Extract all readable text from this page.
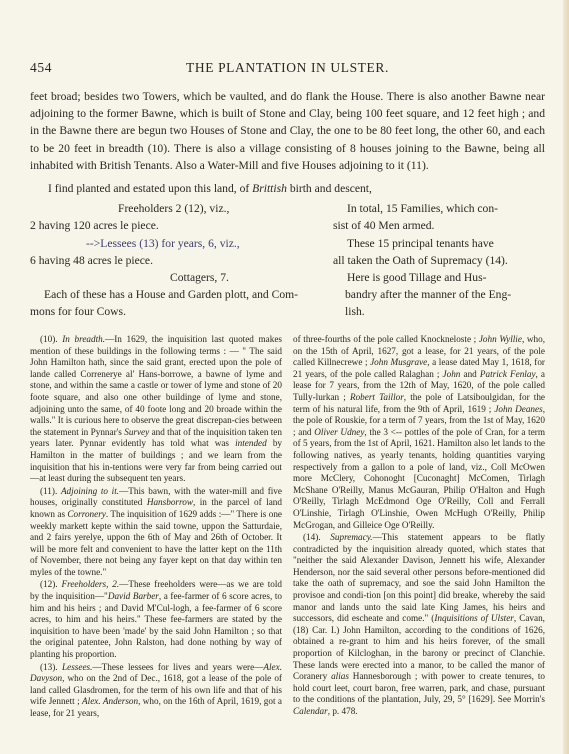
454	THE PLANTATION IN ULSTER.

feet broad; besides two Towers, which be vaulted, and do flank the House. There is also another Bawne near adjoining to the former Bawne, which is built of Stone and Clay, being 100 feet square, and 12 feet high ; and in the Bawne there are begun two Houses of Stone and Clay, the one to be 80 feet long, the other 60, and each to be 20 feet in breadth (10). There is also a village consisting of 8 houses joining to the Bawne, being all inhabited with British Tenants. Also a Water-Mill and five Houses adjoining to it (11).

I find planted and estated upon this land, of Brittish birth and descent,

Freeholders 2 (12), viz.,
2 having 120 acres le piece.
-->Lessees (13) for years, 6, viz.,
6 having 48 acres le piece.
Cottagers, 7.
In total, 15 Families, which con-
sist of 40 Men armed.
These 15 principal tenants have
all taken the Oath of Supremacy (14).
Here is good Tillage and Hus-
Each of these has a House and Garden plott, and Com-
mons for four Cows.
bandry after the manner of the Eng-
lish.

(10). In breadth.—In 1629, the inquisition last quoted makes mention of these buildings in the following terms : — " The said John Hamilton hath, since the said grant, erected upon the pole of lande called Correneryе al' Hans-borrowe, a bawne of lyme and stone, and within the same a castle or tower of lyme and stone of 20 foote square, and also one other buildinge of lyme and stone, adjoining unto the same, of 40 foote long and 20 broade within the walls." It is curious here to observe the great discrepan-cies between the statement in Pynnar's Survey and that of the inquisition taken ten years later. Pynnar evidently has told what was intended by Hamilton in the matter of buildings ; and we learn from the inquisition that his in-tentions were very far from being carried out—at least during the subsequent ten years.

(11). Adjoining to it.—This bawn, with the water-mill and five houses, originally constituted Hansborrow, in the parcel of land known as Corronery. The inquisition of 1629 adds :—" There is one weekly markett kepte within the said towne, uppon the Satturdaie, and 2 fairs yerelye, uppon the 6th of May and 26th of October. It will be more felt and convenient to have the latter kept on the 11th of November, there not being any fayer kept on that day within ten myles of the towne."

(12). Freeholders, 2.—These freeholders were—as we are told by the inquisition—"David Barber, a fee-farmer of 6 score acres, to him and his heirs ; and David M'Cul-logh, a fee-farmer of 6 score acres, to him and his heirs." These fee-farmers are stated by the inquisition to have been 'made' by the said John Hamilton ; so that the original patentee, John Ralston, had done nothing by way of planting his proportion.

(13). Lessees.—These lessees for lives and years were—Alex. Davyson, who on the 2nd of Dec., 1618, got a lease of the pole of land called Glasdromen, for the term of his own life and that of his wife Jennett ; Alex. Anderson, who, on the 16th of April, 1619, got a lease, for 21 years,

of three-fourths of the pole called Knockneloste ; John Wyllie, who, on the 15th of April, 1627, got a lease, for 21 years, of the pole called Killnecrewe ; John Musgrave, a lease dated May 1, 1618, for 21 years, of the pole called Ralaghan ; John and Patrick Fenlay, a lease for 7 years, from the 12th of May, 1620, of the pole called Tully-lurkan ; Robert Taillor, the pole of Latsiboulgidan, for the term of his natural life, from the 9th of April, 1619 ; John Deanes, the pole of Rouskie, for a term of 7 years, from the 1st of May, 1620 ; and Oliver Udney, the 3 <-- pottles of the pole of Cran, for a term of 5 years, from the 1st of April, 1621. Hamilton also let lands to the following natives, as yearly tenants, holding quantities varying respectively from a gallon to a pole of land, viz., Coll McOwen more McClery, Cohonoght [Cuconaght] McComen, Tirlagh McShane O'Reilly, Manus McGauran, Philip O'Halton and Hugh O'Reilly, Tirlagh McEdmond Oge O'Reilly, Coll and Ferrall O'Linshie, Tirlagh O'Linshie, Owen McHugh O'Reilly, Philip McGrogan, and Gilleice Oge O'Reilly.

(14). Supremacy.—This statement appears to be flatly contradicted by the inquisition already quoted, which states that "neither the said Alexander Davison, Jennett his wife, Alexander Henderson, nor the said several other persons before-mentioned did take the oath of supremacy, and soe the said John Hamilton the provisoe and condi-tion [on this point] did breake, whereby the said manor and lands unto the said late King James, his heirs and successors, did escheate and come." (Inquisitions of Ulster, Cavan, (18) Car. I.) John Hamilton, according to the conditions of 1626, obtained a re-grant to him and his heirs forever, of the small proportion of Kilcloghan, in the barony or precinct of Clanchie. These lands were erected into a manor, to be called the manor of Coranery alias Hannesborough ; with power to create tenures, to hold court leet, court baron, free warren, park, and chase, pursuant to the conditions of the plantation, July, 29, 5° [1629]. See Morrin's Calendar, p. 478.
